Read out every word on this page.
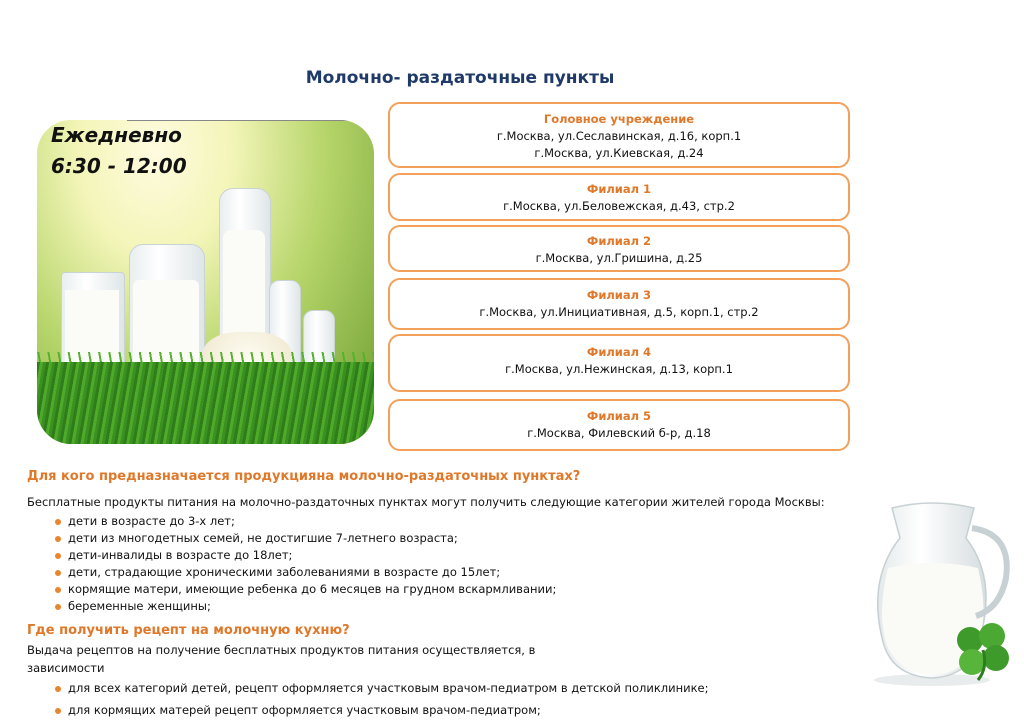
Молочно- раздаточные пункты
Ежедневно
6:30 - 12:00
Головное учреждение
г.Москва, ул.Сеславинская, д.16, корп.1
г.Москва, ул.Киевская, д.24
Филиал 1
г.Москва, ул.Беловежская, д.43, стр.2
Филиал 2
г.Москва, ул.Гришина, д.25
Филиал 3
г.Москва, ул.Инициативная, д.5, корп.1, стр.2
Филиал 4
г.Москва, ул.Нежинская, д.13, корп.1
Филиал 5
г.Москва, Филевский б-р, д.18
Для кого предназначается продукцияна молочно-раздаточных пунктах?
Бесплатные продукты питания на молочно-раздаточных пунктах могут получить следующие категории жителей города Москвы:
дети в возрасте до 3-х лет;
дети из многодетных семей, не достигшие 7-летнего возраста;
дети-инвалиды в возрасте до 18лет;
дети, страдающие хроническими заболеваниями в возрасте до 15лет;
кормящие матери, имеющие ребенка до 6 месяцев на грудном вскармливании;
беременные женщины;
Где получить рецепт на молочную кухню?
Выдача рецептов на получение бесплатных продуктов питания осуществляется, в
зависимости
для всех категорий детей, рецепт оформляется участковым врачом-педиатром в детской поликлинике;
для кормящих матерей рецепт оформляется участковым врачом-педиатром;
